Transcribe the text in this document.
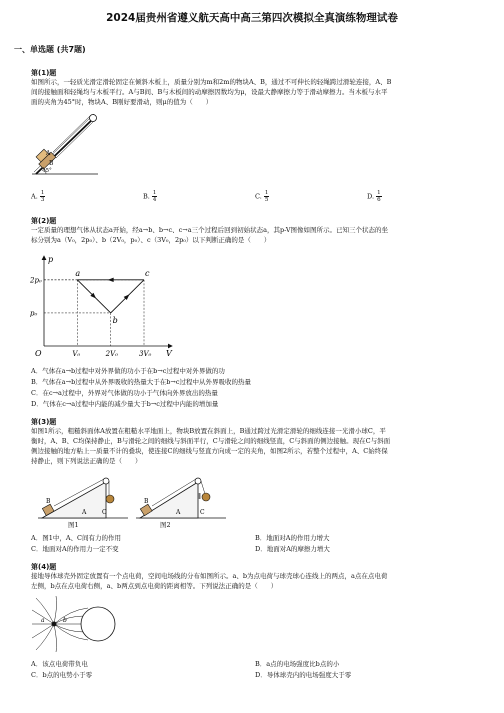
2024届贵州省遵义航天高中高三第四次模拟全真演练物理试卷
一、单选题 (共7题)
第(1)题
如图所示，一轻质光滑定滑轮固定在倾斜木板上，质量分别为m和2m的物块A、B，通过不可伸长的轻绳跨过滑轮连接，A、B
间的接触面和轻绳均与木板平行。A与B间、B与木板间的动摩擦因数均为μ，设最大静摩擦力等于滑动摩擦力。当木板与水平
面的夹角为45°时，物块A、B刚好要滑动，则μ的值为（　　）
A
B
45°
A. $\frac{1}{3}$	B. $\frac{1}{4}$	C. $\frac{1}{5}$	D. $\frac{1}{6}$
第(2)题
一定质量的理想气体从状态a开始，经a→b、b→c、c→a三个过程后回到初始状态a，其p-V图像如图所示。已知三个状态的坐
标分别为a（V₀，2p₀）、b（2V₀，p₀）、c（3V₀，2p₀）以下判断正确的是（　　）
p
V
O	V₀	2V₀	3V₀
p₀
2p₀
a
b
c
A．气体在a→b过程中对外界做的功小于在b→c过程中对外界做的功
B．气体在a→b过程中从外界吸收的热量大于在b→c过程中从外界吸收的热量
C．在c→a过程中，外界对气体做的功小于气体向外界放出的热量
D．气体在c→a过程中内能的减少量大于b→c过程中内能的增加量
第(3)题
如图1所示，粗糙斜面体A放置在粗糙水平地面上，物块B放置在斜面上，B通过跨过光滑定滑轮的细线连接一光滑小球C，平
衡时，A、B、C均保持静止，B与滑轮之间的细线与斜面平行，C与滑轮之间的细线竖直，C与斜面的侧边接触。现在C与斜面
侧边接触的地方粘上一质量不计的叠块，使连接C的细线与竖直方向成一定的夹角，如图2所示，若整个过程中，A、C始终保
持静止，则下列说法正确的是（　　）
B
A	C
图1
B
A	C
图2
A．图1中，A、C间有力的作用	B．地面对A的作用力增大
C．地面对A的作用力一定不变	D．地面对A的摩擦力增大
第(4)题
接地导体球壳外固定放置有一个点电荷，空间电场线的分布如图所示。a、b为点电荷与球壳球心连线上的两点，a点在点电荷
左侧，b点在点电荷右侧，a、b两点到点电荷的距离相等。下列说法正确的是（　　）
a	b
A．该点电荷带负电	B．a点的电场强度比b点的小
C．b点的电势小于零	D．导体球壳内的电场强度大于零
